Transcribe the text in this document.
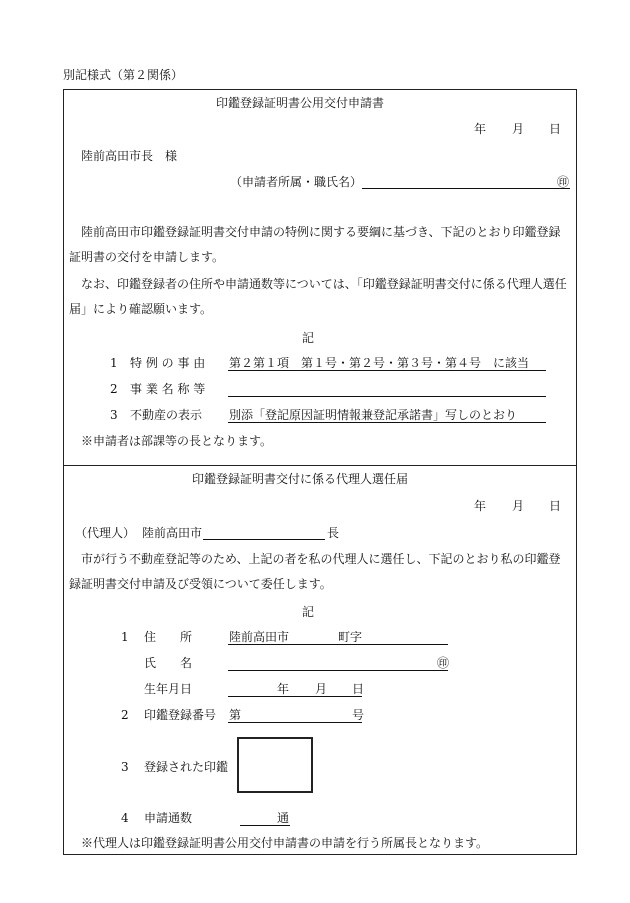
別記様式（第２関係）
印鑑登録証明書公用交付申請書
年 月 日
陸前高田市長　様
（申請者所属・職氏名）	㊞
陸前高田市印鑑登録証明書交付申請の特例に関する要綱に基づき、下記のとおり印鑑登録
証明書の交付を申請します。
なお、印鑑登録者の住所や申請通数等については、「印鑑登録証明書交付に係る代理人選任
届」により確認願います。
記
1 特 例 の 事 由 第２第１項　第１号・第２号・第３号・第４号　に該当
2 事 業 名 称 等
3 不動産の表示 別添「登記原因証明情報兼登記承諾書」写しのとおり
※申請者は部課等の長となります。
印鑑登録証明書交付に係る代理人選任届
年 月 日
（代理人） 陸前高田市	長
市が行う不動産登記等のため、上記の者を私の代理人に選任し、下記のとおり私の印鑑登
録証明書交付申請及び受領について委任します。
記
1 住　　所	陸前高田市	町字
氏　　名	㊞
生年月日	年 月 日
2 印鑑登録番号 第	号
3 登録された印鑑
4 申請通数	通
※代理人は印鑑登録証明書公用交付申請書の申請を行う所属長となります。
